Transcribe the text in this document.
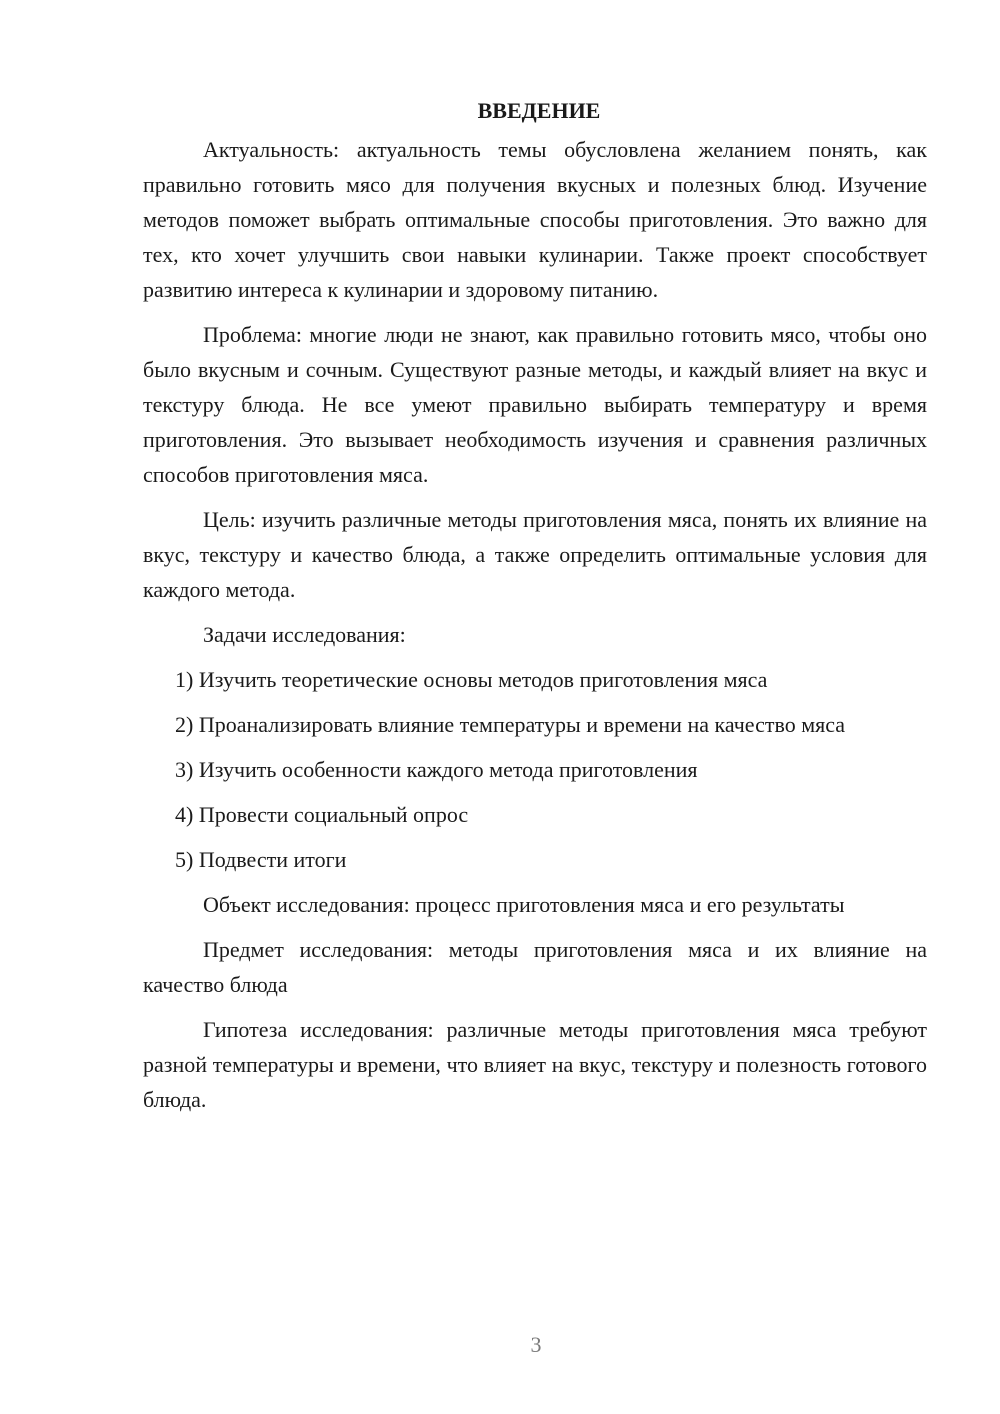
ВВЕДЕНИЕ

Актуальность: актуальность темы обусловлена желанием понять, как правильно готовить мясо для получения вкусных и полезных блюд. Изучение методов поможет выбрать оптимальные способы приготовления. Это важно для тех, кто хочет улучшить свои навыки кулинарии. Также проект способствует развитию интереса к кулинарии и здоровому питанию.

Проблема: многие люди не знают, как правильно готовить мясо, чтобы оно было вкусным и сочным. Существуют разные методы, и каждый влияет на вкус и текстуру блюда. Не все умеют правильно выбирать температуру и время приготовления. Это вызывает необходимость изучения и сравнения различных способов приготовления мяса.

Цель: изучить различные методы приготовления мяса, понять их влияние на вкус, текстуру и качество блюда, а также определить оптимальные условия для каждого метода.

Задачи исследования:

1) Изучить теоретические основы методов приготовления мяса

2) Проанализировать влияние температуры и времени на качество мяса

3) Изучить особенности каждого метода приготовления

4) Провести социальный опрос

5) Подвести итоги

Объект исследования: процесс приготовления мяса и его результаты

Предмет исследования: методы приготовления мяса и их влияние на качество блюда

Гипотеза исследования: различные методы приготовления мяса требуют разной температуры и времени, что влияет на вкус, текстуру и полезность готового блюда.

3
